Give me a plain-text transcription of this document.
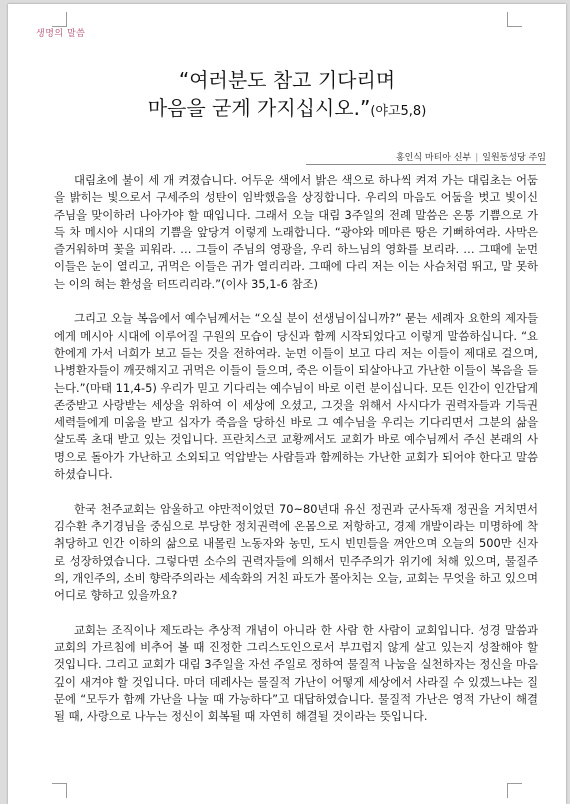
생명의 말씀
“여러분도 참고 기다리며
마음을 굳게 가지십시오.”(야고5,8)
홍인식 마티아 신부 | 일원동성당 주임

대림초에 불이 세 개 켜졌습니다. 어두운 색에서 밝은 색으로 하나씩 켜져 가는 대림초는 어둠을 밝히는 빛으로서 구세주의 성탄이 임박했음을 상징합니다. 우리의 마음도 어둠을 벗고 빛이신 주님을 맞이하러 나아가야 할 때입니다. 그래서 오늘 대림 3주일의 전례 말씀은 온통 기쁨으로 가득 차 메시아 시대의 기쁨을 앞당겨 이렇게 노래합니다. “광야와 메마른 땅은 기뻐하여라. 사막은 즐거워하며 꽃을 피워라. … 그들이 주님의 영광을, 우리 하느님의 영화를 보리라. … 그때에 눈먼 이들은 눈이 열리고, 귀먹은 이들은 귀가 열리리라. 그때에 다리 저는 이는 사슴처럼 뛰고, 말 못하는 이의 혀는 환성을 터뜨리리라.”(이사 35,1-6 참조)

그리고 오늘 복음에서 예수님께서는 “오실 분이 선생님이십니까?” 묻는 세례자 요한의 제자들에게 메시아 시대에 이루어질 구원의 모습이 당신과 함께 시작되었다고 이렇게 말씀하십니다. “요한에게 가서 너희가 보고 듣는 것을 전하여라. 눈먼 이들이 보고 다리 저는 이들이 제대로 걸으며, 나병환자들이 깨끗해지고 귀먹은 이들이 들으며, 죽은 이들이 되살아나고 가난한 이들이 복음을 듣는다.”(마태 11,4-5) 우리가 믿고 기다리는 예수님이 바로 이런 분이십니다. 모든 인간이 인간답게 존중받고 사랑받는 세상을 위하여 이 세상에 오셨고, 그것을 위해서 사시다가 권력자들과 기득권 세력들에게 미움을 받고 십자가 죽음을 당하신 바로 그 예수님을 우리는 기다리면서 그분의 삶을 살도록 초대 받고 있는 것입니다. 프란치스코 교황께서도 교회가 바로 예수님께서 주신 본래의 사명으로 돌아가 가난하고 소외되고 억압받는 사람들과 함께하는 가난한 교회가 되어야 한다고 말씀하셨습니다.

한국 천주교회는 암울하고 야만적이었던 70~80년대 유신 정권과 군사독재 정권을 거치면서 김수환 추기경님을 중심으로 부당한 정치권력에 온몸으로 저항하고, 경제 개발이라는 미명하에 착취당하고 인간 이하의 삶으로 내몰린 노동자와 농민, 도시 빈민들을 껴안으며 오늘의 500만 신자로 성장하였습니다. 그렇다면 소수의 권력자들에 의해서 민주주의가 위기에 처해 있으며, 물질주의, 개인주의, 소비 향락주의라는 세속화의 거친 파도가 몰아치는 오늘, 교회는 무엇을 하고 있으며 어디로 향하고 있을까요?

교회는 조직이나 제도라는 추상적 개념이 아니라 한 사람 한 사람이 교회입니다. 성경 말씀과 교회의 가르침에 비추어 볼 때 진정한 그리스도인으로서 부끄럽지 않게 살고 있는지 성찰해야 할 것입니다. 그리고 교회가 대림 3주일을 자선 주일로 정하여 물질적 나눔을 실천하자는 정신을 마음 깊이 새겨야 할 것입니다. 마더 데레사는 물질적 가난이 어떻게 세상에서 사라질 수 있겠느냐는 질문에 “모두가 함께 가난을 나눌 때 가능하다”고 대답하였습니다. 물질적 가난은 영적 가난이 해결될 때, 사랑으로 나누는 정신이 회복될 때 자연히 해결될 것이라는 뜻입니다.
